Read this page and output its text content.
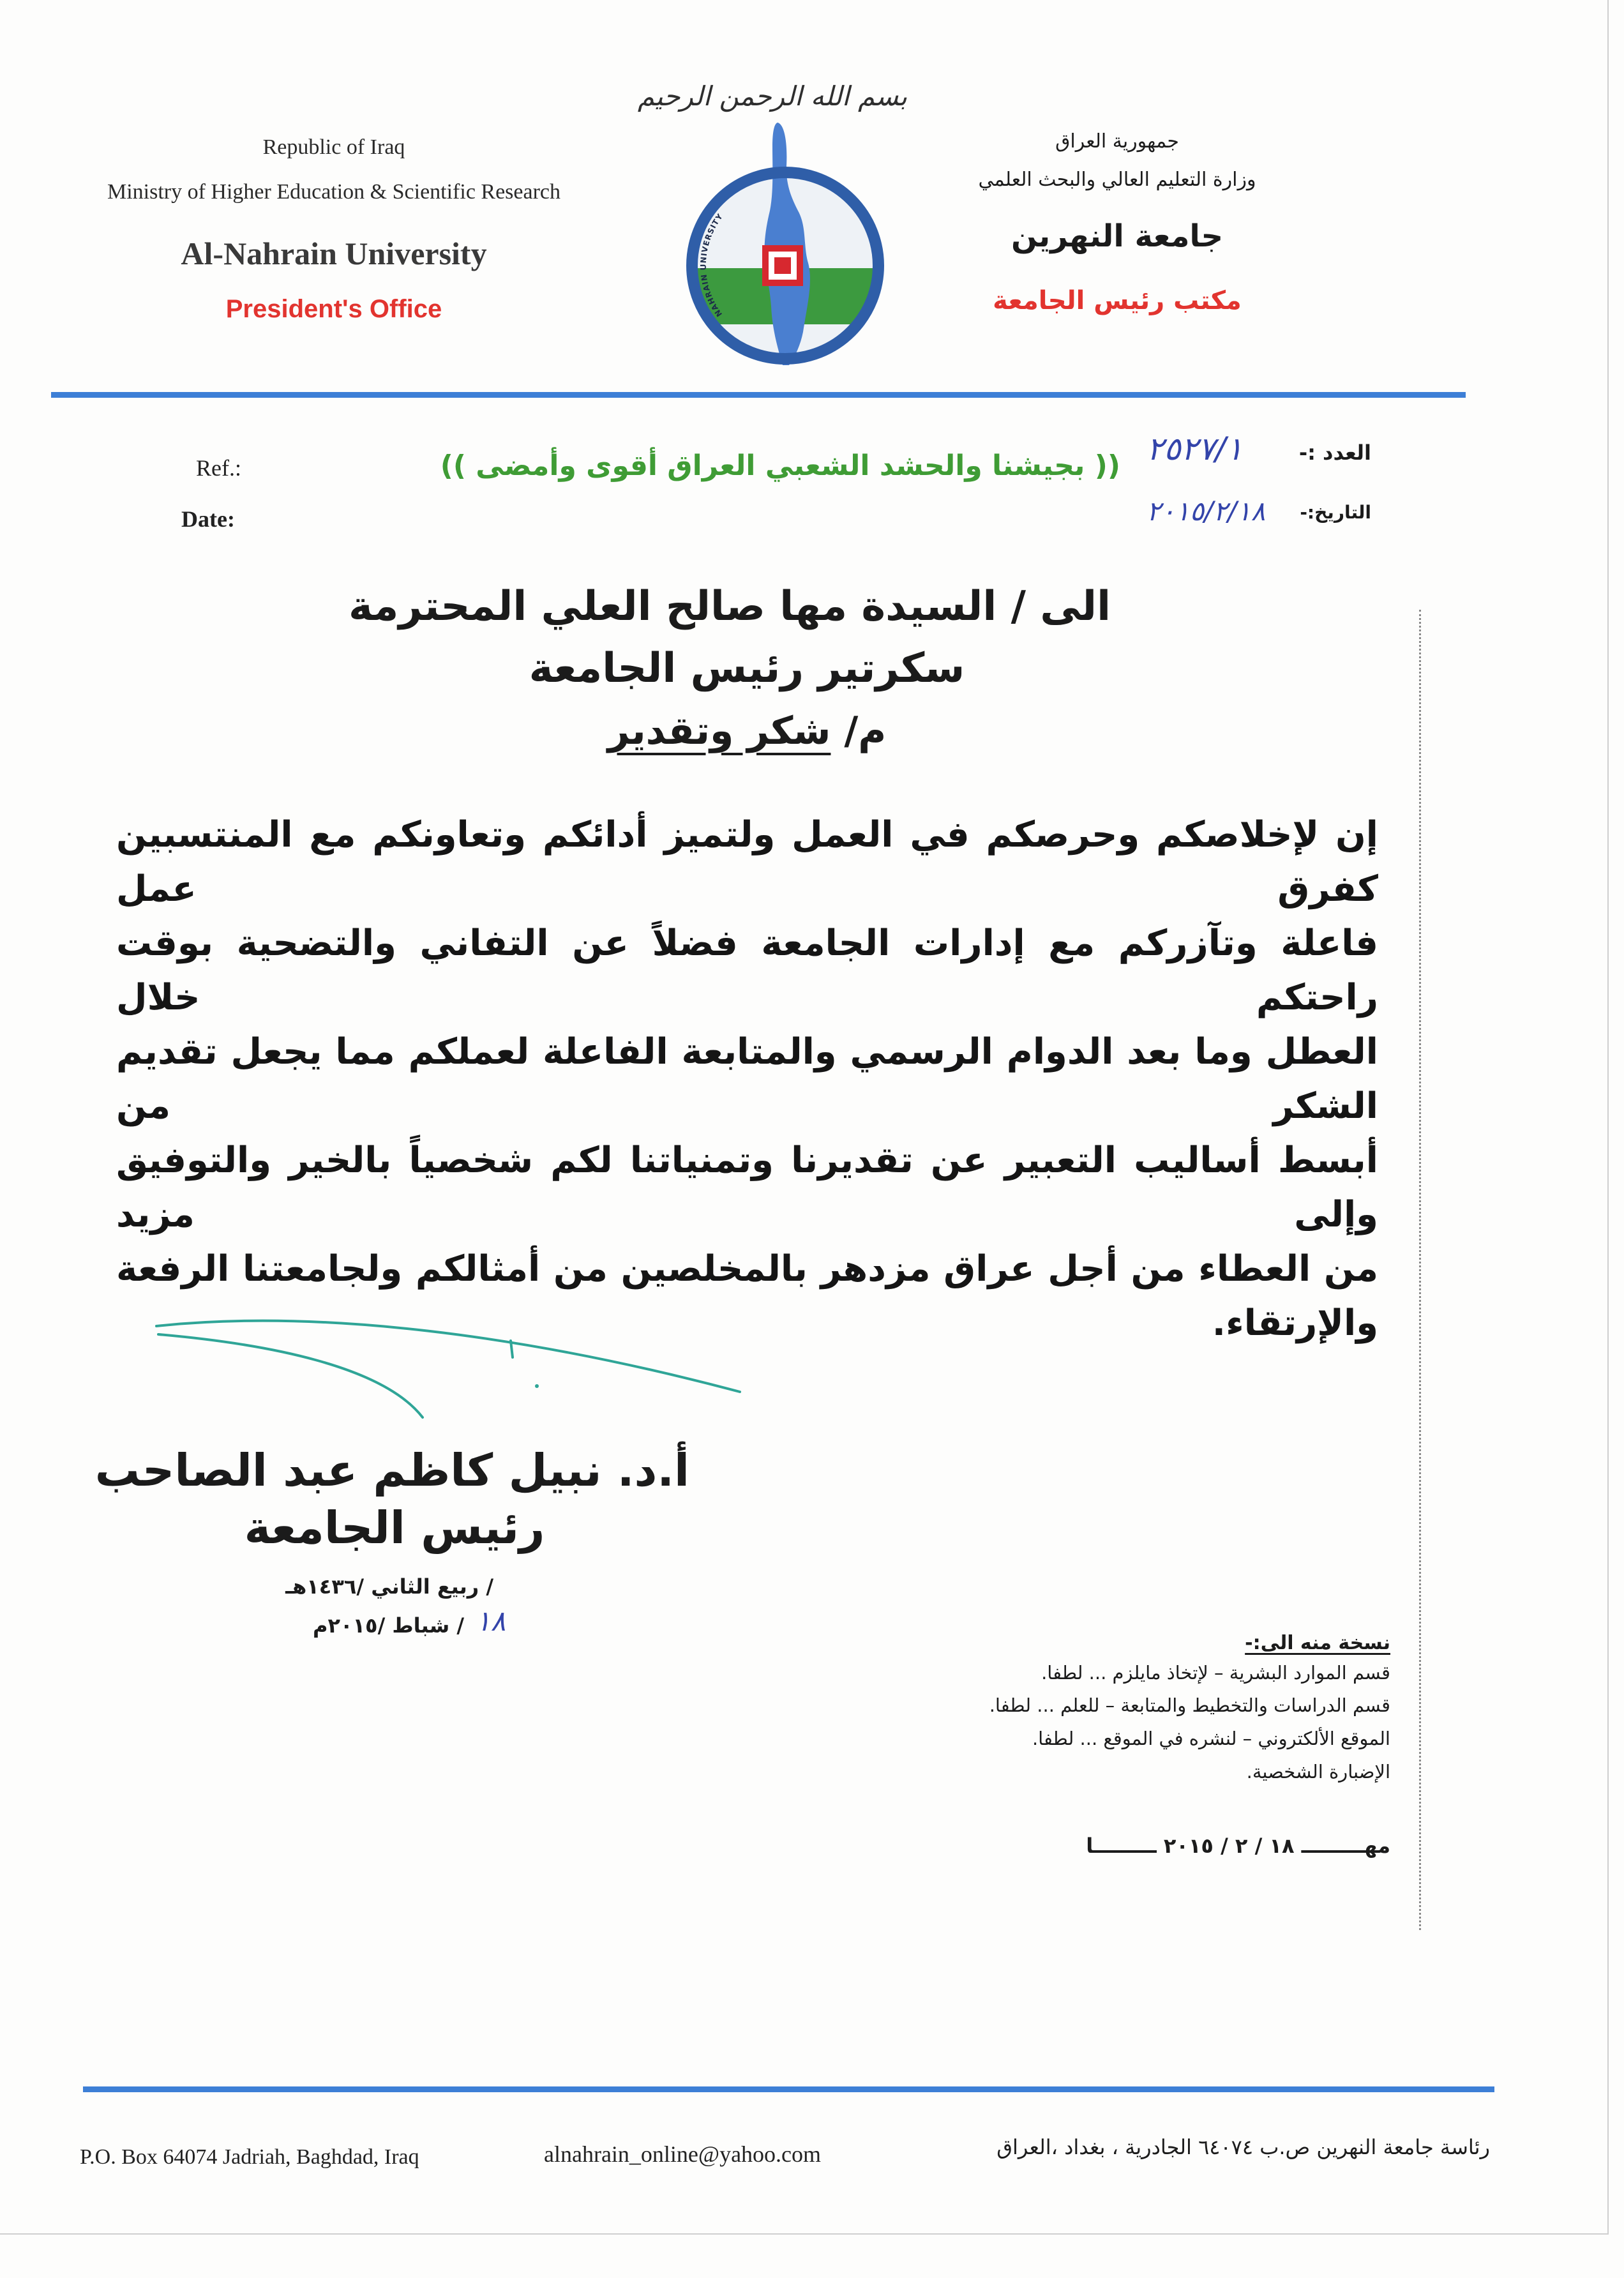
بسم الله الرحمن الرحيم
Republic of Iraq
Ministry of Higher Education & Scientific Research
Al-Nahrain University
President's Office
جمهورية العراق
وزارة التعليم العالي والبحث العلمي
جامعة النهرين
مكتب رئيس الجامعة
NAHRAIN UNIVERSITY
Ref.:
Date:
(( بجيشنا والحشد الشعبي العراق أقوى وأمضى ))	العدد :-
٢٥٢٧/١
التاريخ:-
٢٠١٥/٢/١٨
الى / السيدة مها صالح العلي المحترمة
سكرتير رئيس الجامعة
م/ شكر وتقدير
إن لإخلاصكم وحرصكم في العمل ولتميز أدائكم وتعاونكم مع المنتسبين كفرق عمل
فاعلة وتآزركم مع إدارات الجامعة فضلاً عن التفاني والتضحية بوقت راحتكم خلال
العطل وما بعد الدوام الرسمي والمتابعة الفاعلة لعملكم مما يجعل تقديم الشكر من
أبسط أساليب التعبير عن تقديرنا وتمنياتنا لكم شخصياً بالخير والتوفيق وإلى مزيد
من العطاء من أجل عراق مزدهر بالمخلصين من أمثالكم ولجامعتنا الرفعة
والإرتقاء.
أ.د. نبيل كاظم عبد الصاحب
رئيس الجامعة
/ ربيع الثاني /١٤٣٦هـ
/ شباط /٢٠١٥م ١٨
نسخة منه الى:-
قسم الموارد البشرية – لإتخاذ مايلزم ... لطفا.
قسم الدراسات والتخطيط والمتابعة – للعلم ... لطفا.
الموقع الألكتروني – لنشره في الموقع ... لطفا.
الإضبارة الشخصية.
مهـــــــــ ١٨ / ٢ / ٢٠١٥ ـــــــــا
P.O. Box 64074 Jadriah, Baghdad, Iraq	alnahrain_online@yahoo.com	رئاسة جامعة النهرين ص.ب ٦٤٠٧٤ الجادرية ، بغداد ،العراق
